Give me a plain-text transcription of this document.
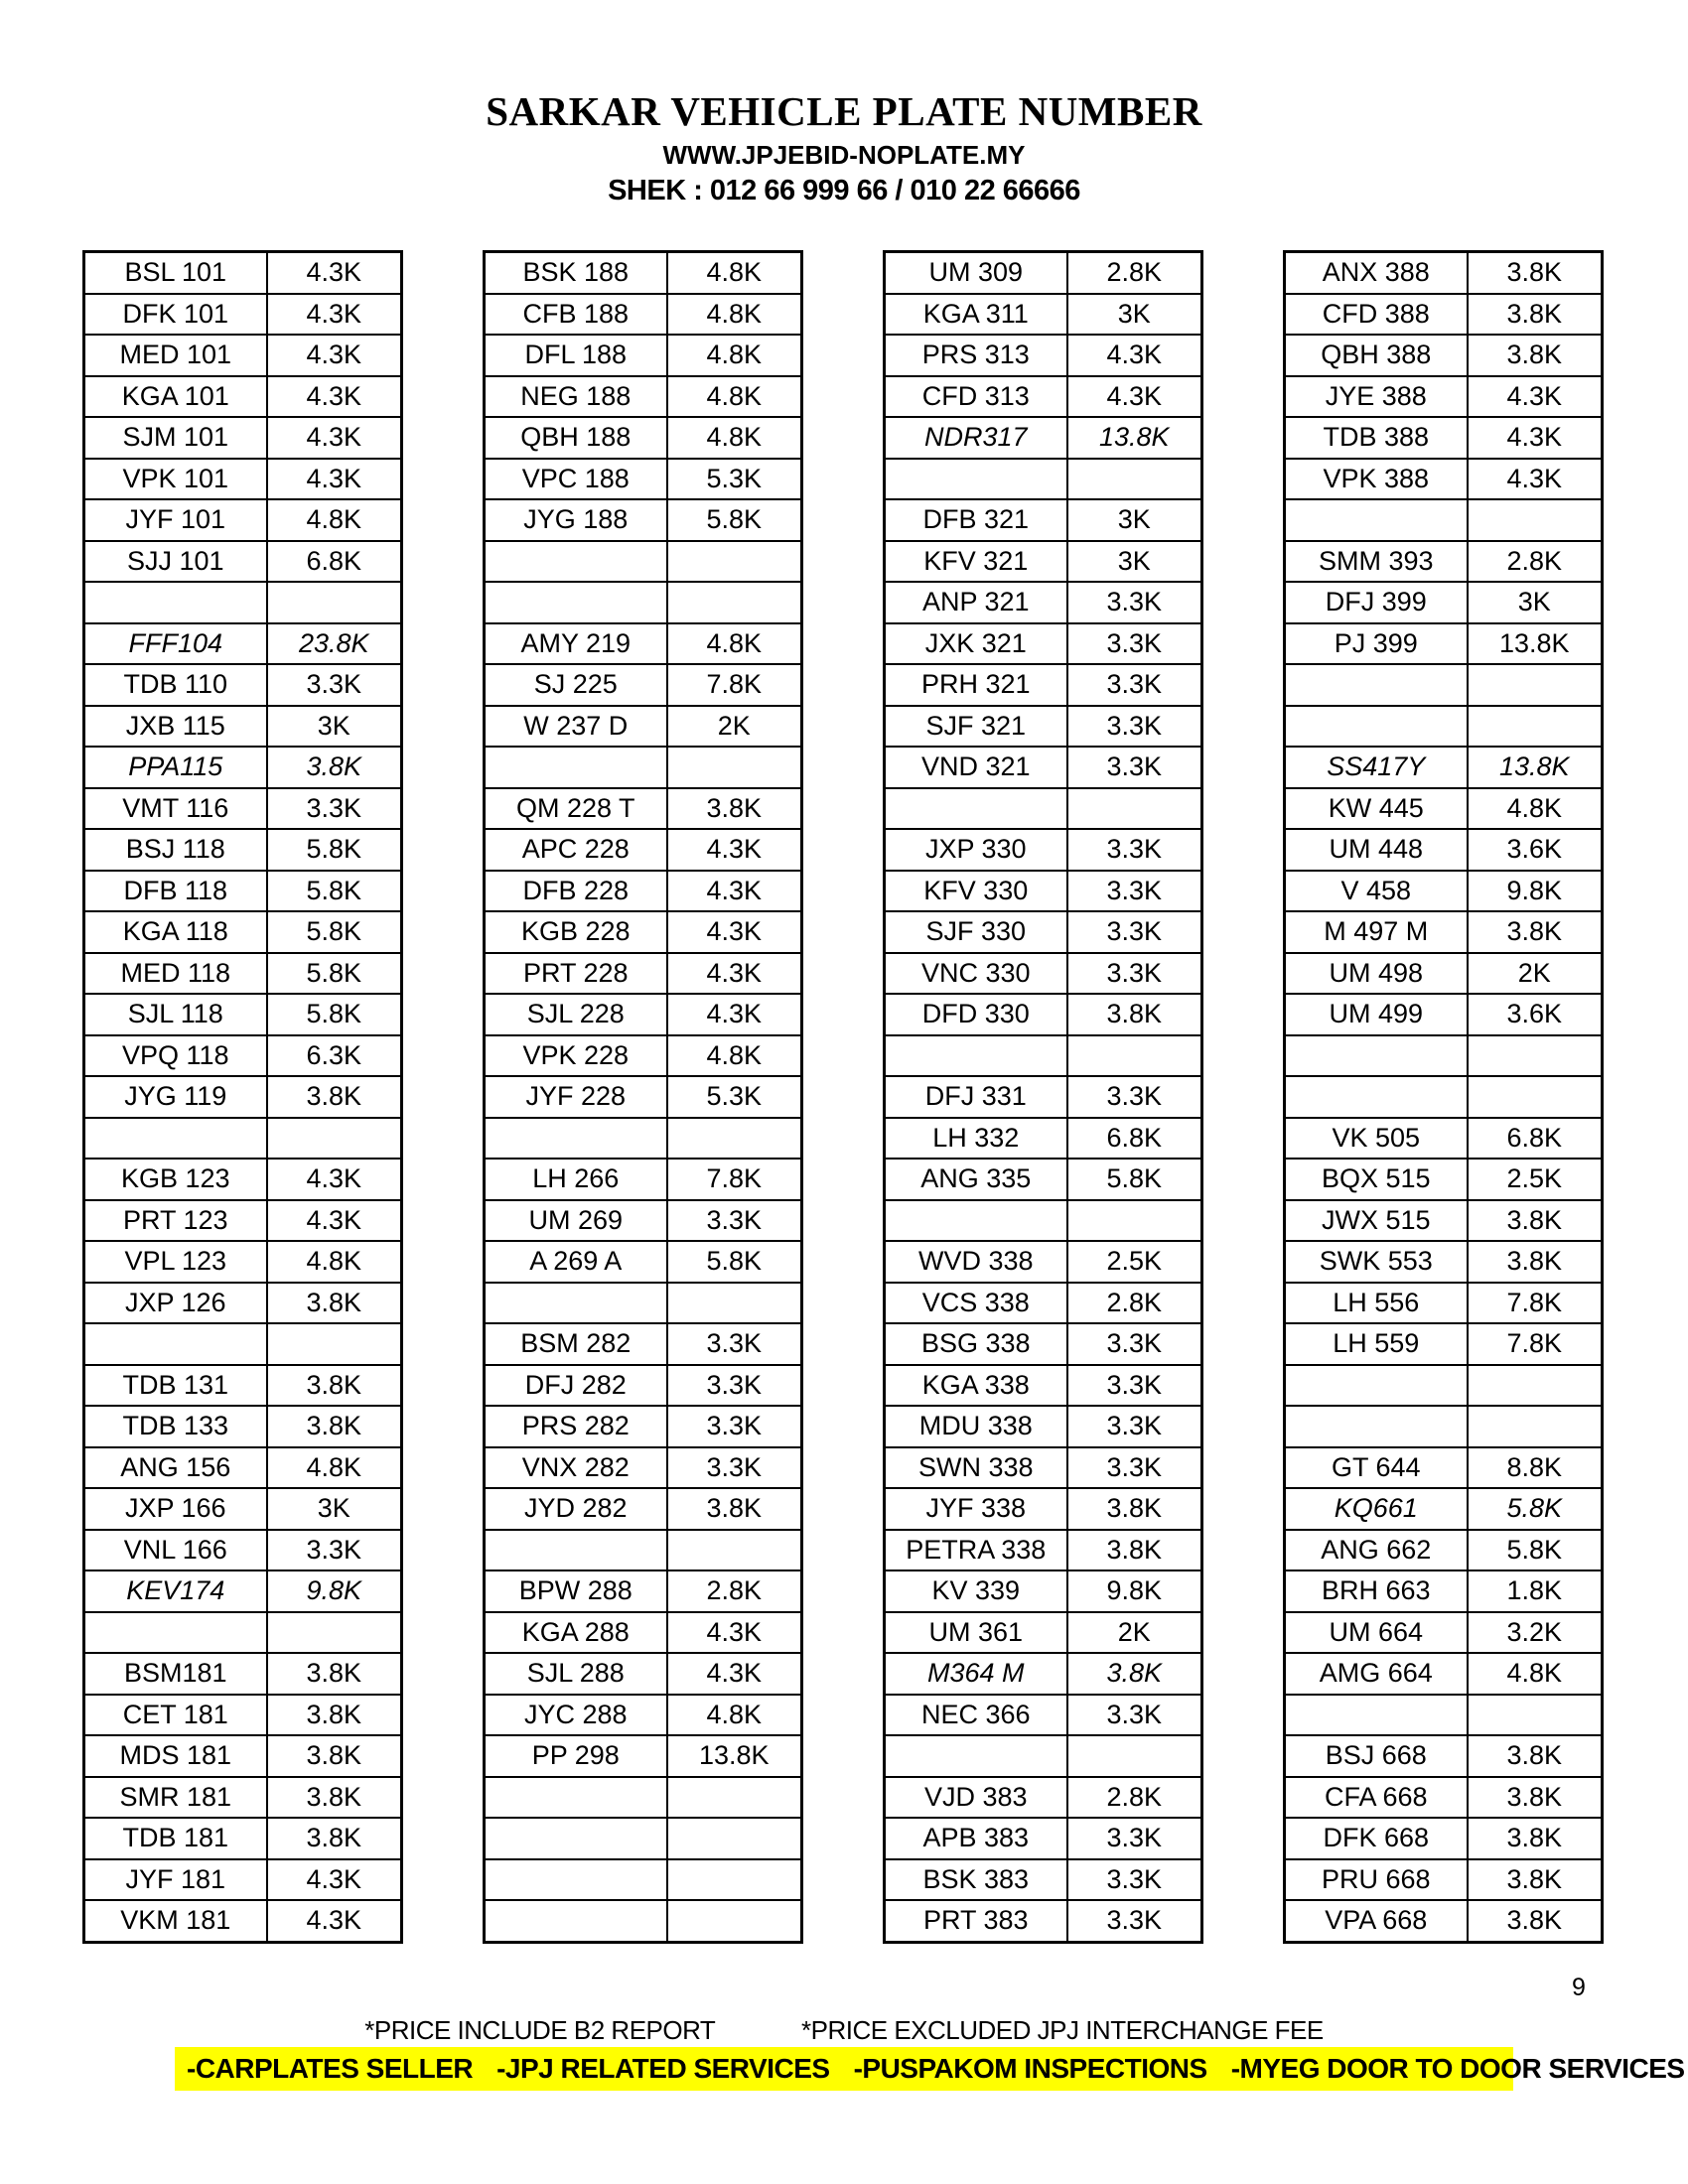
SARKAR VEHICLE PLATE NUMBER
WWW.JPJEBID-NOPLATE.MY
SHEK : 012 66 999 66 / 010 22 66666
BSL 101	4.3K
DFK 101	4.3K
MED 101	4.3K
KGA 101	4.3K
SJM 101	4.3K
VPK 101	4.3K
JYF 101	4.8K
SJJ 101	6.8K

FFF104	23.8K
TDB 110	3.3K
JXB 115	3K
PPA115	3.8K
VMT 116	3.3K
BSJ 118	5.8K
DFB 118	5.8K
KGA 118	5.8K
MED 118	5.8K
SJL 118	5.8K
VPQ 118	6.3K
JYG 119	3.8K

KGB 123	4.3K
PRT 123	4.3K
VPL 123	4.8K
JXP 126	3.8K

TDB 131	3.8K
TDB 133	3.8K
ANG 156	4.8K
JXP 166	3K
VNL 166	3.3K
KEV174	9.8K

BSM181	3.8K
CET 181	3.8K
MDS 181	3.8K
SMR 181	3.8K
TDB 181	3.8K
JYF 181	4.3K
VKM 181	4.3K
BSK 188	4.8K
CFB 188	4.8K
DFL 188	4.8K
NEG 188	4.8K
QBH 188	4.8K
VPC 188	5.3K
JYG 188	5.8K

AMY 219	4.8K
SJ 225	7.8K
W 237 D	2K

QM 228 T	3.8K
APC 228	4.3K
DFB 228	4.3K
KGB 228	4.3K
PRT 228	4.3K
SJL 228	4.3K
VPK 228	4.8K
JYF 228	5.3K

LH 266	7.8K
UM 269	3.3K
A 269 A	5.8K

BSM 282	3.3K
DFJ 282	3.3K
PRS 282	3.3K
VNX 282	3.3K
JYD 282	3.8K

BPW 288	2.8K
KGA 288	4.3K
SJL 288	4.3K
JYC 288	4.8K
PP 298	13.8K

UM 309	2.8K
KGA 311	3K
PRS 313	4.3K
CFD 313	4.3K
NDR317	13.8K

DFB 321	3K
KFV 321	3K
ANP 321	3.3K
JXK 321	3.3K
PRH 321	3.3K
SJF 321	3.3K
VND 321	3.3K

JXP 330	3.3K
KFV 330	3.3K
SJF 330	3.3K
VNC 330	3.3K
DFD 330	3.8K

DFJ 331	3.3K
LH 332	6.8K
ANG 335	5.8K

WVD 338	2.5K
VCS 338	2.8K
BSG 338	3.3K
KGA 338	3.3K
MDU 338	3.3K
SWN 338	3.3K
JYF 338	3.8K
PETRA 338	3.8K
KV 339	9.8K
UM 361	2K
M364 M	3.8K
NEC 366	3.3K

VJD 383	2.8K
APB 383	3.3K
BSK 383	3.3K
PRT 383	3.3K
ANX 388	3.8K
CFD 388	3.8K
QBH 388	3.8K
JYE 388	4.3K
TDB 388	4.3K
VPK 388	4.3K

SMM 393	2.8K
DFJ 399	3K
PJ 399	13.8K

SS417Y	13.8K
KW 445	4.8K
UM 448	3.6K
V 458	9.8K
M 497 M	3.8K
UM 498	2K
UM 499	3.6K

VK 505	6.8K
BQX 515	2.5K
JWX 515	3.8K
SWK 553	3.8K
LH 556	7.8K
LH 559	7.8K

GT 644	8.8K
KQ661	5.8K
ANG 662	5.8K
BRH 663	1.8K
UM 664	3.2K
AMG 664	4.8K

BSJ 668	3.8K
CFA 668	3.8K
DFK 668	3.8K
PRU 668	3.8K
VPA 668	3.8K
9
*PRICE INCLUDE B2 REPORT	*PRICE EXCLUDED JPJ INTERCHANGE FEE
-CARPLATES SELLER -JPJ RELATED SERVICES -PUSPAKOM INSPECTIONS -MYEG DOOR TO DOOR SERVICES
